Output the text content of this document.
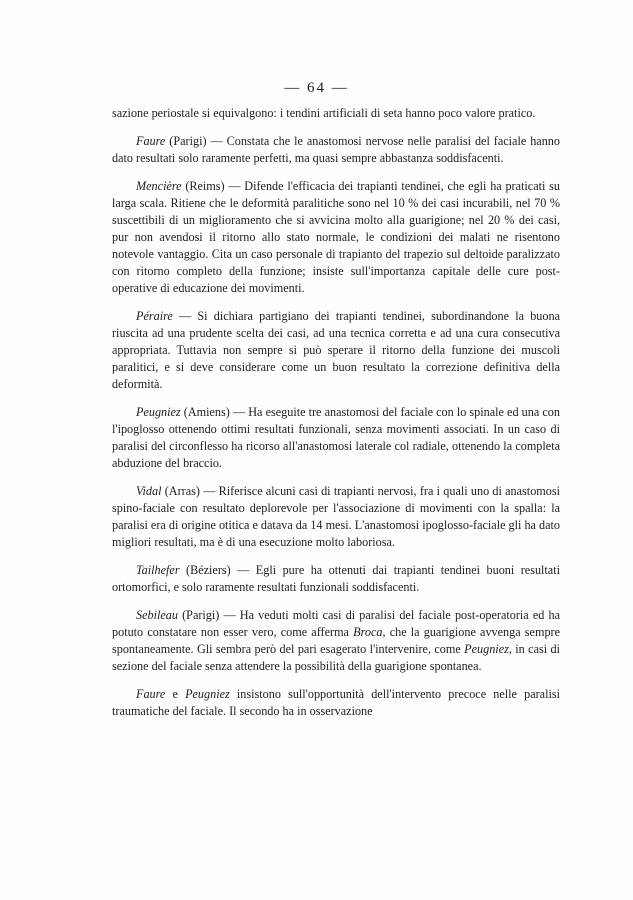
— 64 —

sazione periostale si equivalgono: i tendini artificiali di seta hanno poco valore pratico.

Faure (Parigi) — Constata che le anastomosi nervose nelle paralisi del faciale hanno dato resultati solo raramente perfetti, ma quasi sempre abbastanza soddisfacenti.

Mencière (Reims) — Difende l'efficacia dei trapianti tendinei, che egli ha praticati su larga scala. Ritiene che le deformità paralitiche sono nel 10 % dei casi incurabili, nel 70 % suscettibili di un miglioramento che si avvicina molto alla guarigione; nel 20 % dei casi, pur non avendosi il ritorno allo stato normale, le condizioni dei malati ne risentono notevole vantaggio. Cita un caso personale di trapianto del trapezio sul deltoide paralizzato con ritorno completo della funzione; insiste sull'importanza capitale delle cure post-operative di educazione dei movimenti.

Péraire — Si dichiara partigiano dei trapianti tendinei, subordinandone la buona riuscita ad una prudente scelta dei casi, ad una tecnica corretta e ad una cura consecutiva appropriata. Tuttavia non sempre si può sperare il ritorno della funzione dei muscoli paralitici, e si deve considerare come un buon resultato la correzione definitiva della deformità.

Peugniez (Amiens) — Ha eseguite tre anastomosi del faciale con lo spinale ed una con l'ipoglosso ottenendo ottimi resultati funzionali, senza movimenti associati. In un caso di paralisi del circonflesso ha ricorso all'anastomosi laterale col radiale, ottenendo la completa abduzione del braccio.

Vidal (Arras) — Riferisce alcuni casi di trapianti nervosi, fra i quali uno di anastomosi spino-faciale con resultato deplorevole per l'associazione di movimenti con la spalla: la paralisi era di origine otitica e datava da 14 mesi. L'anastomosi ipoglosso-faciale gli ha dato migliori resultati, ma è di una esecuzione molto laboriosa.

Tailhefer (Béziers) — Egli pure ha ottenuti dai trapianti tendinei buoni resultati ortomorfici, e solo raramente resultati funzionali soddisfacenti.

Sebileau (Parigi) — Ha veduti molti casi di paralisi del faciale post-operatoria ed ha potuto constatare non esser vero, come afferma Broca, che la guarigione avvenga sempre spontaneamente. Gli sembra però del pari esagerato l'intervenire, come Peugniez, in casi di sezione del faciale senza attendere la possibilità della guarigione spontanea.

Faure e Peugniez insistono sull'opportunità dell'intervento precoce nelle paralisi traumatiche del faciale. Il secondo ha in osservazione
